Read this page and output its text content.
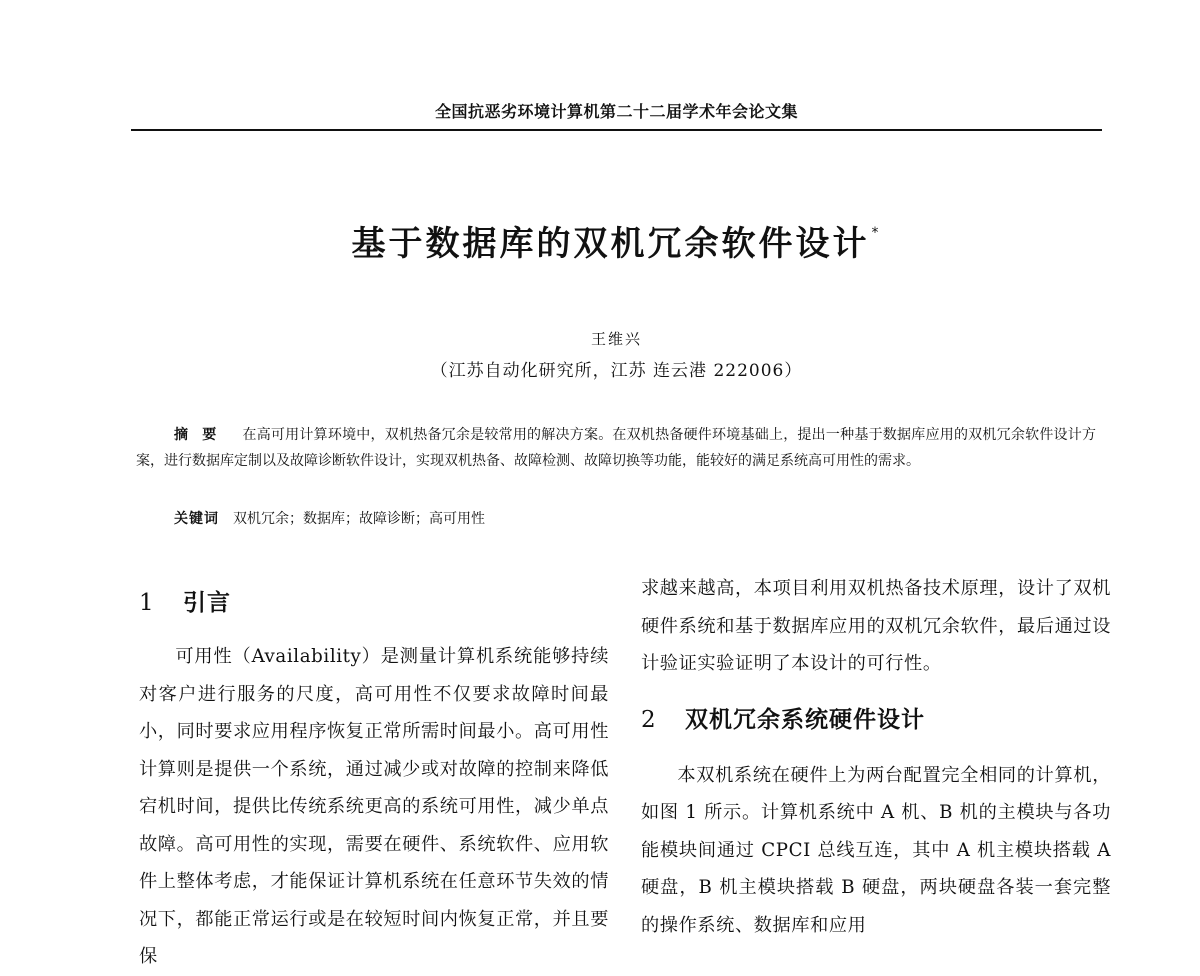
全国抗恶劣环境计算机第二十二届学术年会论文集
基于数据库的双机冗余软件设计 *
王维兴
（江苏自动化研究所，江苏 连云港 222006）
摘要 在高可用计算环境中，双机热备冗余是较常用的解决方案。在双机热备硬件环境基础上，提出一种基于数据库应用的双机冗余软件设计方案，进行数据库定制以及故障诊断软件设计，实现双机热备、故障检测、故障切换等功能，能较好的满足系统高可用性的需求。
关键词 双机冗余；数据库；故障诊断；高可用性
1	引言

可用性（Availability）是测量计算机系统能够持续对客户进行服务的尺度，高可用性不仅要求故障时间最小，同时要求应用程序恢复正常所需时间最小。高可用性计算则是提供一个系统，通过减少或对故障的控制来降低宕机时间，提供比传统系统更高的系统可用性，减少单点故障。高可用性的实现，需要在硬件、系统软件、应用软件上整体考虑，才能保证计算机系统在任意环节失效的情况下，都能正常运行或是在较短时间内恢复正常，并且要保

求越来越高，本项目利用双机热备技术原理，设计了双机硬件系统和基于数据库应用的双机冗余软件，最后通过设计验证实验证明了本设计的可行性。

2	双机冗余系统硬件设计

本双机系统在硬件上为两台配置完全相同的计算机，如图 1 所示。计算机系统中 A 机、B 机的主模块与各功能模块间通过 CPCI 总线互连，其中 A 机主模块搭载 A 硬盘，B 机主模块搭载 B 硬盘，两块硬盘各装一套完整的操作系统、数据库和应用
